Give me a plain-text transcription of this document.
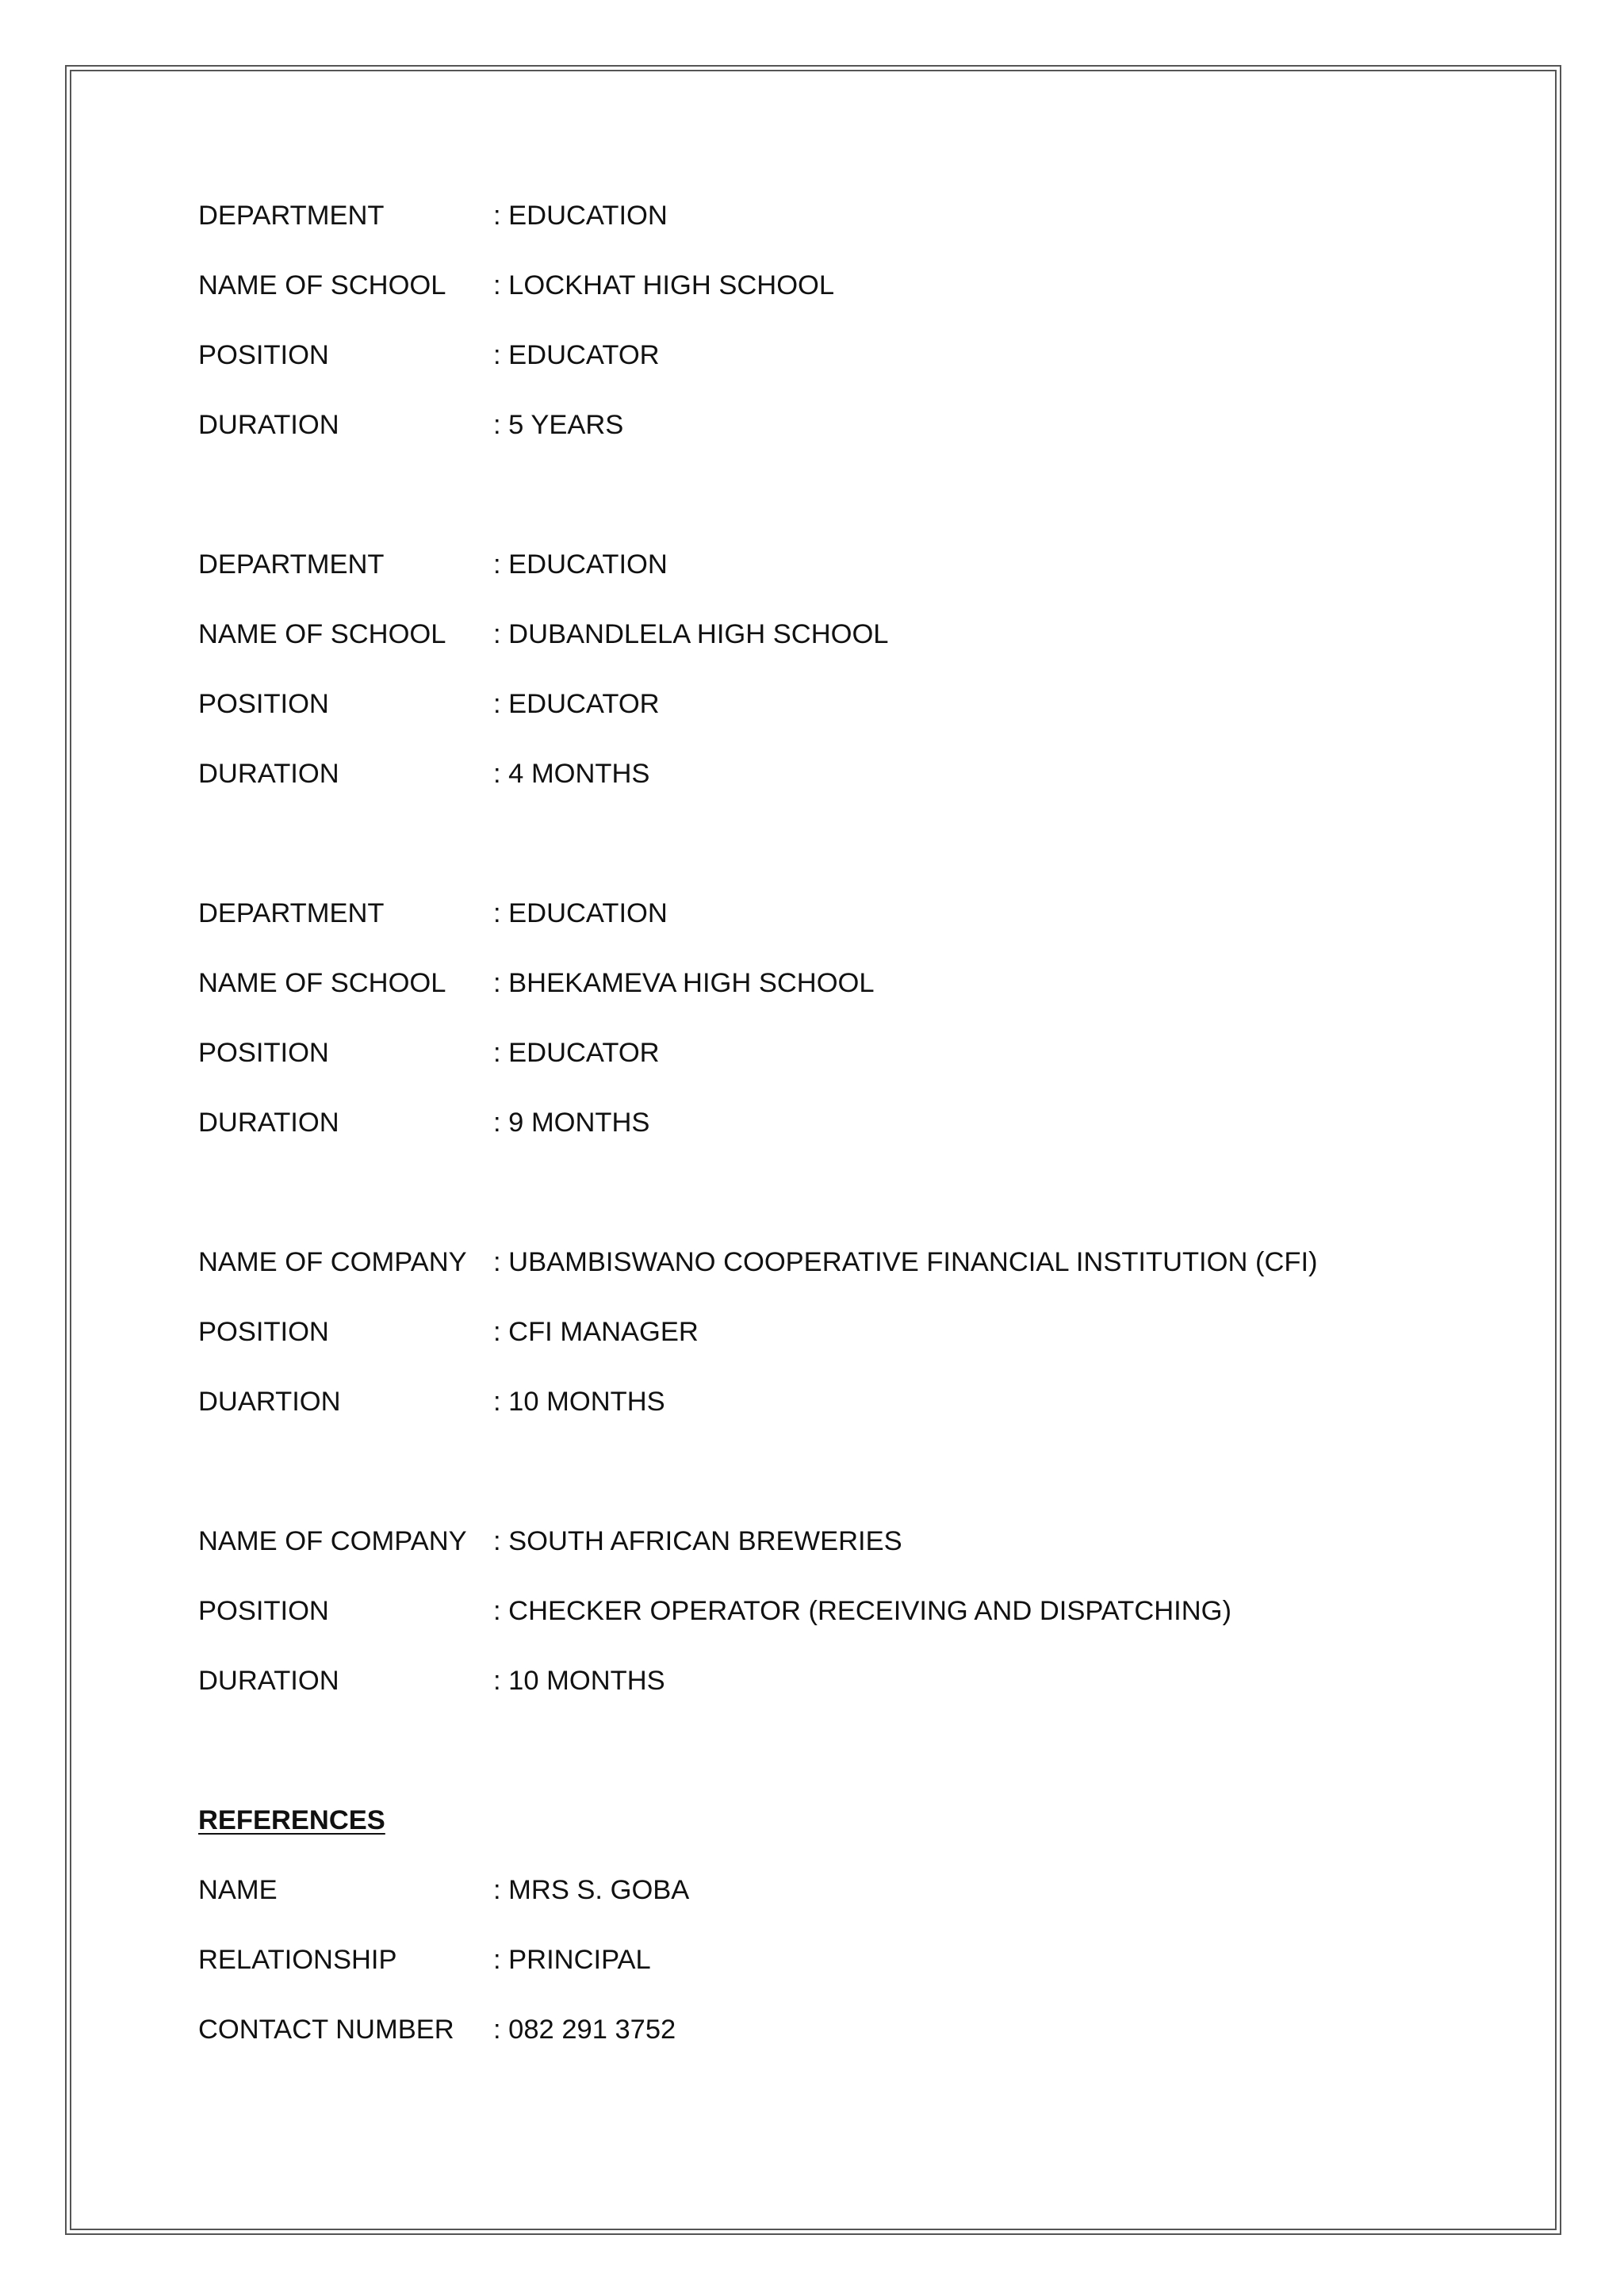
DEPARTMENT	: EDUCATION
NAME OF SCHOOL	: LOCKHAT HIGH SCHOOL
POSITION	: EDUCATOR
DURATION	: 5 YEARS
DEPARTMENT	: EDUCATION
NAME OF SCHOOL	: DUBANDLELA HIGH SCHOOL
POSITION	: EDUCATOR
DURATION	: 4 MONTHS
DEPARTMENT	: EDUCATION
NAME OF SCHOOL	: BHEKAMEVA HIGH SCHOOL
POSITION	: EDUCATOR
DURATION	: 9 MONTHS
NAME OF COMPANY	: UBAMBISWANO COOPERATIVE FINANCIAL INSTITUTION (CFI)
POSITION	: CFI MANAGER
DUARTION	: 10 MONTHS
NAME OF COMPANY	: SOUTH AFRICAN BREWERIES
POSITION	: CHECKER OPERATOR (RECEIVING AND DISPATCHING)
DURATION	: 10 MONTHS
REFERENCES
NAME	: MRS S. GOBA
RELATIONSHIP	: PRINCIPAL
CONTACT NUMBER	: 082 291 3752
